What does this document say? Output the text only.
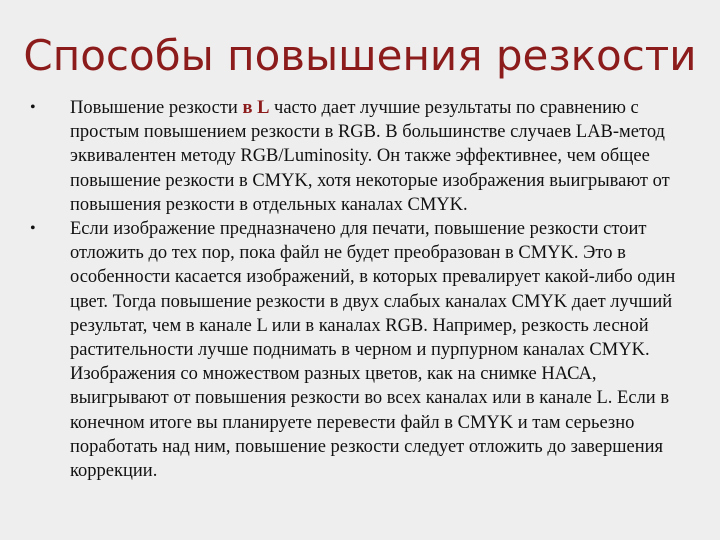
Способы повышения резкости
•	Повышение резкости в L часто дает лучшие результаты по сравнению с простым повышением резкости в RGB. В большинстве случаев LAB-метод эквивалентен методу RGB/Luminosity. Он также эффективнее, чем общее повышение резкости в CMYK, хотя некоторые изображения выигрывают от повышения резкости в отдельных каналах CMYK.
•	Если изображение предназначено для печати, повышение резкости стоит отложить до тех пор, пока файл не будет преобразован в CMYK. Это в особенности касается изображений, в которых превалирует какой-либо один цвет. Тогда повышение резкости в двух слабых каналах CMYK дает лучший результат, чем в канале L или в каналах RGB. Например, резкость лесной растительности лучше поднимать в черном и пурпурном каналах CMYK. Изображения со множеством разных цветов, как на снимке НАСА, выигрывают от повышения резкости во всех каналах или в канале L. Если в конечном итоге вы планируете перевести файл в CMYK и там серьезно поработать над ним, повышение резкости следует отложить до завершения коррекции.
